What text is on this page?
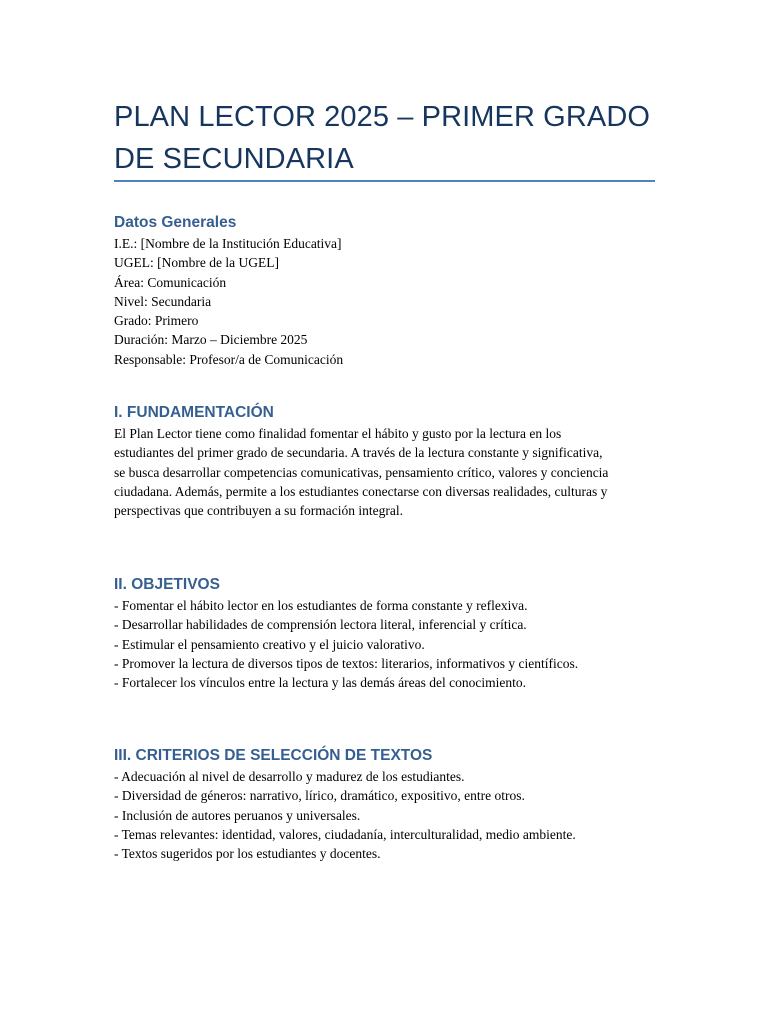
PLAN LECTOR 2025 – PRIMER GRADO DE SECUNDARIA
Datos Generales

I.E.: [Nombre de la Institución Educativa]

UGEL: [Nombre de la UGEL]

Área: Comunicación

Nivel: Secundaria

Grado: Primero

Duración: Marzo – Diciembre 2025

Responsable: Profesor/a de Comunicación

I. FUNDAMENTACIÓN

El Plan Lector tiene como finalidad fomentar el hábito y gusto por la lectura en los
estudiantes del primer grado de secundaria. A través de la lectura constante y significativa,
se busca desarrollar competencias comunicativas, pensamiento crítico, valores y conciencia
ciudadana. Además, permite a los estudiantes conectarse con diversas realidades, culturas y
perspectivas que contribuyen a su formación integral.

II. OBJETIVOS

- Fomentar el hábito lector en los estudiantes de forma constante y reflexiva.

- Desarrollar habilidades de comprensión lectora literal, inferencial y crítica.

- Estimular el pensamiento creativo y el juicio valorativo.

- Promover la lectura de diversos tipos de textos: literarios, informativos y científicos.

- Fortalecer los vínculos entre la lectura y las demás áreas del conocimiento.

III. CRITERIOS DE SELECCIÓN DE TEXTOS

- Adecuación al nivel de desarrollo y madurez de los estudiantes.

- Diversidad de géneros: narrativo, lírico, dramático, expositivo, entre otros.

- Inclusión de autores peruanos y universales.

- Temas relevantes: identidad, valores, ciudadanía, interculturalidad, medio ambiente.

- Textos sugeridos por los estudiantes y docentes.
